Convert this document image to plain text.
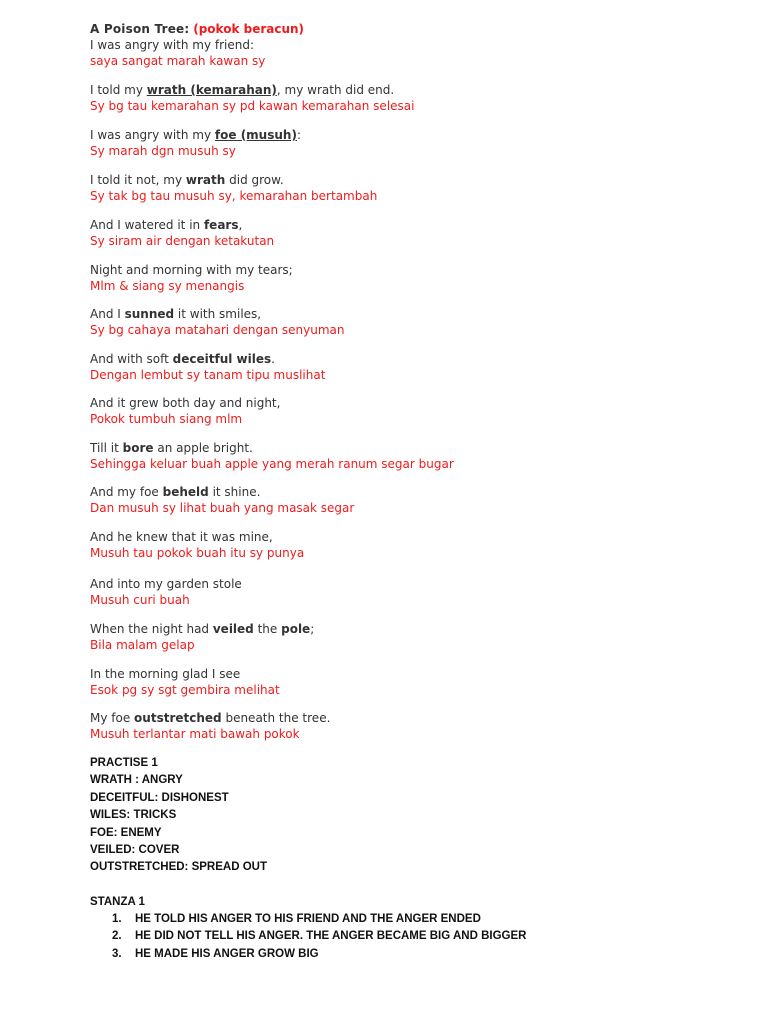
A Poison Tree: (pokok beracun)
I was angry with my friend:
saya sangat marah kawan sy
I told my wrath (kemarahan), my wrath did end.
Sy bg tau kemarahan sy pd kawan kemarahan selesai
I was angry with my foe (musuh):
Sy marah dgn musuh sy
I told it not, my wrath did grow.
Sy tak bg tau musuh sy, kemarahan bertambah
And I watered it in fears,
Sy siram air dengan ketakutan
Night and morning with my tears;
Mlm & siang sy menangis
And I sunned it with smiles,
Sy bg cahaya matahari dengan senyuman
And with soft deceitful wiles.
Dengan lembut sy tanam tipu muslihat
And it grew both day and night,
Pokok tumbuh siang mlm
Till it bore an apple bright.
Sehingga keluar buah apple yang merah ranum segar bugar
And my foe beheld it shine.
Dan musuh sy lihat buah yang masak segar
And he knew that it was mine,
Musuh tau pokok buah itu sy punya
And into my garden stole
Musuh curi buah
When the night had veiled the pole;
Bila malam gelap
In the morning glad I see
Esok pg sy sgt gembira melihat
My foe outstretched beneath the tree.
Musuh terlantar mati bawah pokok
PRACTISE 1
WRATH : ANGRY
DECEITFUL: DISHONEST
WILES: TRICKS
FOE: ENEMY
VEILED: COVER
OUTSTRETCHED: SPREAD OUT
STANZA 1
1. HE TOLD HIS ANGER TO HIS FRIEND AND THE ANGER ENDED
2. HE DID NOT TELL HIS ANGER. THE ANGER BECAME BIG AND BIGGER
3. HE MADE HIS ANGER GROW BIG
